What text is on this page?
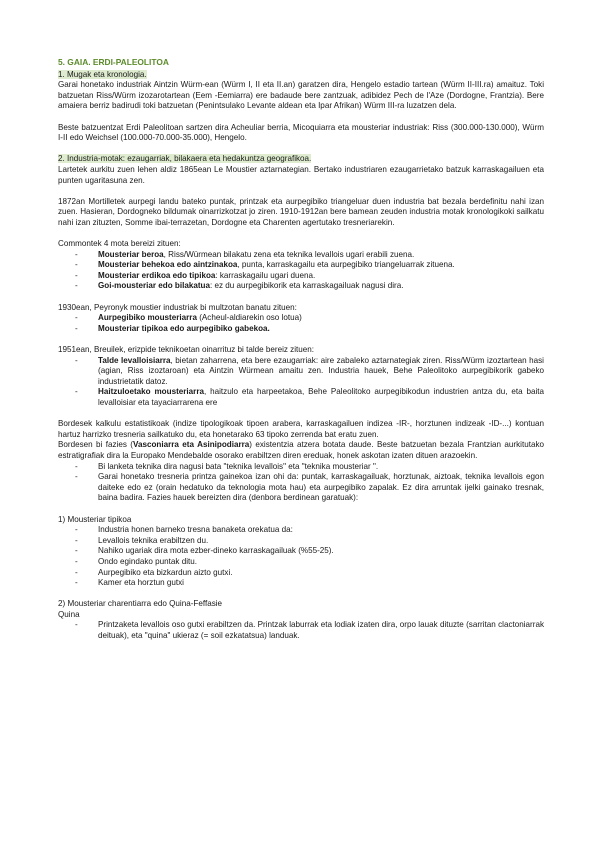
5. GAIA. ERDI-PALEOLITOA
1. Mugak eta kronologia.

Garai honetako industriak Aintzin Würm-ean (Würm I, II eta II.an) garatzen dira, Hengelo estadio tartean (Würm II-III.ra) amaituz. Toki batzuetan Riss/Würm izozarotartean (Eem -Eemiarra) ere badaude bere zantzuak, adibidez Pech de l'Aze (Dordogne, Frantzia). Bere amaiera berriz badirudi toki batzuetan (Penintsulako Levante aldean eta Ipar Afrikan) Würm III-ra luzatzen dela.

Beste batzuentzat Erdi Paleolitoan sartzen dira Acheuliar berria, Micoquiarra eta mousteriar industriak: Riss (300.000-130.000), Würm I-II edo Weichsel (100.000-70.000-35.000), Hengelo.

2. Industria-motak: ezaugarriak, bilakaera eta hedakuntza geografikoa.

Lartetek aurkitu zuen lehen aldiz 1865ean Le Moustier aztarnategian. Bertako industriaren ezaugarrietako batzuk karraskagailuen eta punten ugaritasuna zen.

1872an Mortilletek aurpegi landu bateko puntak, printzak eta aurpegibiko triangeluar duen industria bat bezala berdefinitu nahi izan zuen. Hasieran, Dordogneko bildumak oinarrizkotzat jo ziren. 1910-1912an bere bamean zeuden industria motak kronologikoki sailkatu nahi izan zituzten, Somme ibai-terrazetan, Dordogne eta Charenten agertutako tresneriarekin.

Commontek 4 mota bereizi zituen:

- Mousteriar beroa, Riss/Würmean bilakatu zena eta teknika levallois ugari erabili zuena.
- Mousteriar behekoa edo aintzinakoa, punta, karraskagailu eta aurpegibiko triangeluarrak zituena.
- Mousteriar erdikoa edo tipikoa: karraskagailu ugari duena.
- Goi-mousteriar edo bilakatua: ez du aurpegibikorik eta karraskagailuak nagusi dira.

1930ean, Peyronyk moustier industriak bi multzotan banatu zituen:

- Aurpegibiko mousteriarra (Acheul-aldiarekin oso lotua)
- Mousteriar tipikoa edo aurpegibiko gabekoa.

1951ean, Breuilek, erizpide teknikoetan oinarrituz bi talde bereiz zituen:

- Talde levalloisiarra, bietan zaharrena, eta bere ezaugarriak: aire zabaleko aztarnategiak ziren. Riss/Würm izoztartean hasi (agian, Riss izoztaroan) eta Aintzin Würmean amaitu zen. Industria hauek, Behe Paleolitoko aurpegibikorik gabeko industrietatik datoz.
- Haitzuloetako mousteriarra, haitzulo eta harpeetakoa, Behe Paleolitoko aurpegibikodun industrien antza du, eta baita levalloisiar eta tayaciarrarena ere

Bordesek kalkulu estatistikoak (indize tipologikoak tipoen arabera, karraskagailuen indizea -IR-, horztunen indizeak -ID-...) kontuan hartuz harrizko tresneria sailkatuko du, eta honetarako 63 tipoko zerrenda bat eratu zuen.

Bordesen bi fazies (Vasconiarra eta Asinipodiarra) existentzia atzera botata daude. Beste batzuetan bezala Frantzian aurkitutako estratigrafiak dira la Europako Mendebalde osorako erabiltzen diren ereduak, honek askotan izaten dituen arazoekin.

- Bi lanketa teknika dira nagusi bata "teknika levallois" eta "teknika mousteriar ".
- Garai honetako tresneria printza gainekoa izan ohi da: puntak, karraskagailuak, horztunak, aiztoak, teknika levallois egon daiteke edo ez (orain hedatuko da teknologia mota hau) eta aurpegibiko zapalak. Ez dira arruntak ijelki gainako tresnak, baina badira. Fazies hauek bereizten dira (denbora berdinean garatuak):

1) Mousteriar tipikoa

- Industria honen barneko tresna banaketa orekatua da:
- Levallois teknika erabiltzen du.
- Nahiko ugariak dira mota ezber-dineko karraskagailuak (%55-25).
- Ondo egindako puntak ditu.
- Aurpegibiko eta bizkardun aizto gutxi.
- Kamer eta horztun gutxi

2) Mousteriar charentiarra edo Quina-Feffasie

Quina

- Printzaketa levallois oso gutxi erabiltzen da. Printzak laburrak eta lodiak izaten dira, orpo lauak dituzte (sarritan clactoniarrak deituak), eta "quina" ukieraz (= soil ezkatatsua) landuak.
